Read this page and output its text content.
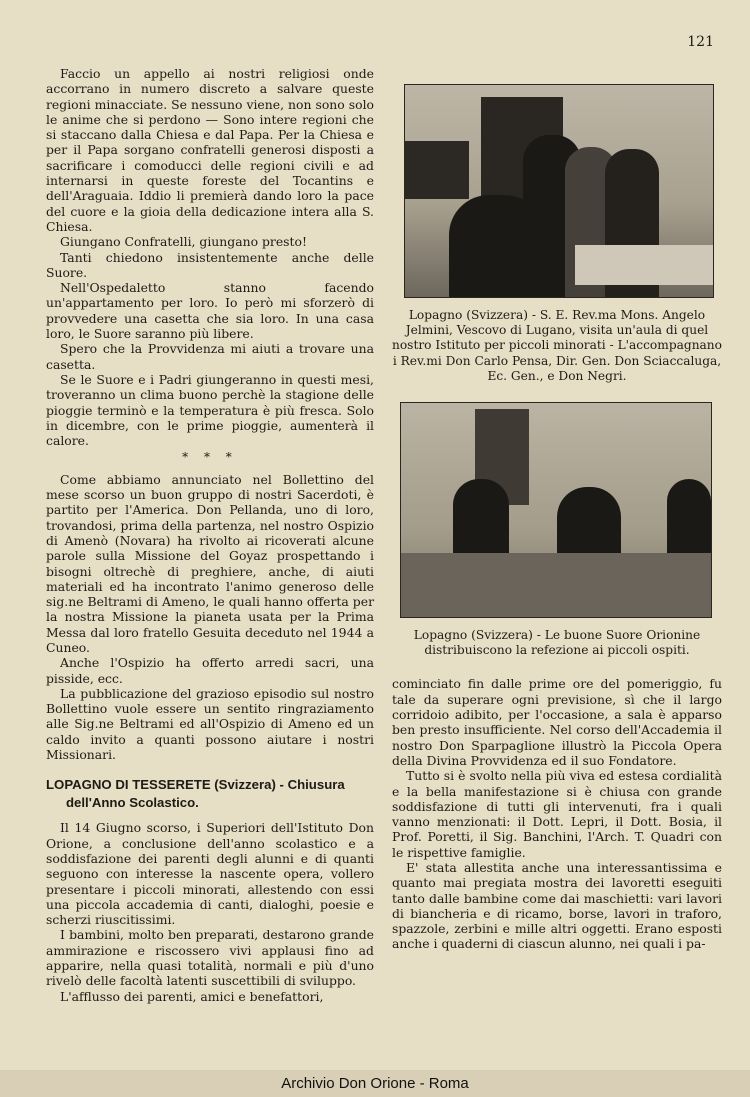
121

Faccio un appello ai nostri religiosi onde accorrano in numero discreto a salvare queste regioni minacciate. Se nessuno viene, non sono solo le anime che si perdono — Sono intere regioni che si staccano dalla Chiesa e dal Papa. Per la Chiesa e per il Papa sorgano confratelli generosi disposti a sacrificare i comoducci delle regioni civili e ad internarsi in queste foreste del Tocantins e dell'Araguaia. Iddio li premierà dando loro la pace del cuore e la gioia della dedicazione intera alla S. Chiesa.

Giungano Confratelli, giungano presto!

Tanti chiedono insistentemente anche delle Suore.

Nell'Ospedaletto stanno facendo un'appartamento per loro. Io però mi sforzerò di provvedere una casetta che sia loro. In una casa loro, le Suore saranno più libere.

Spero che la Provvidenza mi aiuti a trovare una casetta.

Se le Suore e i Padri giungeranno in questi mesi, troveranno un clima buono perchè la stagione delle pioggie terminò e la temperatura è più fresca. Solo in dicembre, con le prime pioggie, aumenterà il calore.

* * *

Come abbiamo annunciato nel Bollettino del mese scorso un buon gruppo di nostri Sacerdoti, è partito per l'America. Don Pellanda, uno di loro, trovandosi, prima della partenza, nel nostro Ospizio di Amenò (Novara) ha rivolto ai ricoverati alcune parole sulla Missione del Goyaz prospettando i bisogni oltrechè di preghiere, anche, di aiuti materiali ed ha incontrato l'animo generoso delle sig.ne Beltrami di Ameno, le quali hanno offerta per la nostra Missione la pianeta usata per la Prima Messa dal loro fratello Gesuita deceduto nel 1944 a Cuneo.

Anche l'Ospizio ha offerto arredi sacri, una pisside, ecc.

La pubblicazione del grazioso episodio sul nostro Bollettino vuole essere un sentito ringraziamento alle Sig.ne Beltrami ed all'Ospizio di Ameno ed un caldo invito a quanti possono aiutare i nostri Missionari.

LOPAGNO DI TESSERETE (Svizzera) - Chiusura
dell'Anno Scolastico.

Il 14 Giugno scorso, i Superiori dell'Istituto Don Orione, a conclusione dell'anno scolastico e a soddisfazione dei parenti degli alunni e di quanti seguono con interesse la nascente opera, vollero presentare i piccoli minorati, allestendo con essi una piccola accademia di canti, dialoghi, poesie e scherzi riuscitissimi.

I bambini, molto ben preparati, destarono grande ammirazione e riscossero vivi applausi fino ad apparire, nella quasi totalità, normali e più d'uno rivelò delle facoltà latenti suscettibili di sviluppo.

L'afflusso dei parenti, amici e benefattori,

Lopagno (Svizzera) - S. E. Rev.ma Mons. Angelo Jelmini, Vescovo di Lugano, visita un'aula di quel nostro Istituto per piccoli minorati - L'accompagnano i Rev.mi Don Carlo Pensa, Dir. Gen. Don Sciaccaluga, Ec. Gen., e Don Negri.
Lopagno (Svizzera) - Le buone Suore Orionine distribuiscono la refezione ai piccoli ospiti.

cominciato fin dalle prime ore del pomeriggio, fu tale da superare ogni previsione, sì che il largo corridoio adibito, per l'occasione, a sala è apparso ben presto insufficiente. Nel corso dell'Accademia il nostro Don Sparpaglione illustrò la Piccola Opera della Divina Provvidenza ed il suo Fondatore.

Tutto si è svolto nella più viva ed estesa cordialità e la bella manifestazione si è chiusa con grande soddisfazione di tutti gli intervenuti, fra i quali vanno menzionati: il Dott. Lepri, il Dott. Bosia, il Prof. Poretti, il Sig. Banchini, l'Arch. T. Quadri con le rispettive famiglie.

E' stata allestita anche una interessantissima e quanto mai pregiata mostra dei lavoretti eseguiti tanto dalle bambine come dai maschietti: vari lavori di biancheria e di ricamo, borse, lavori in traforo, spazzole, zerbini e mille altri oggetti. Erano esposti anche i quaderni di ciascun alunno, nei quali i pa-

Archivio Don Orione - Roma
